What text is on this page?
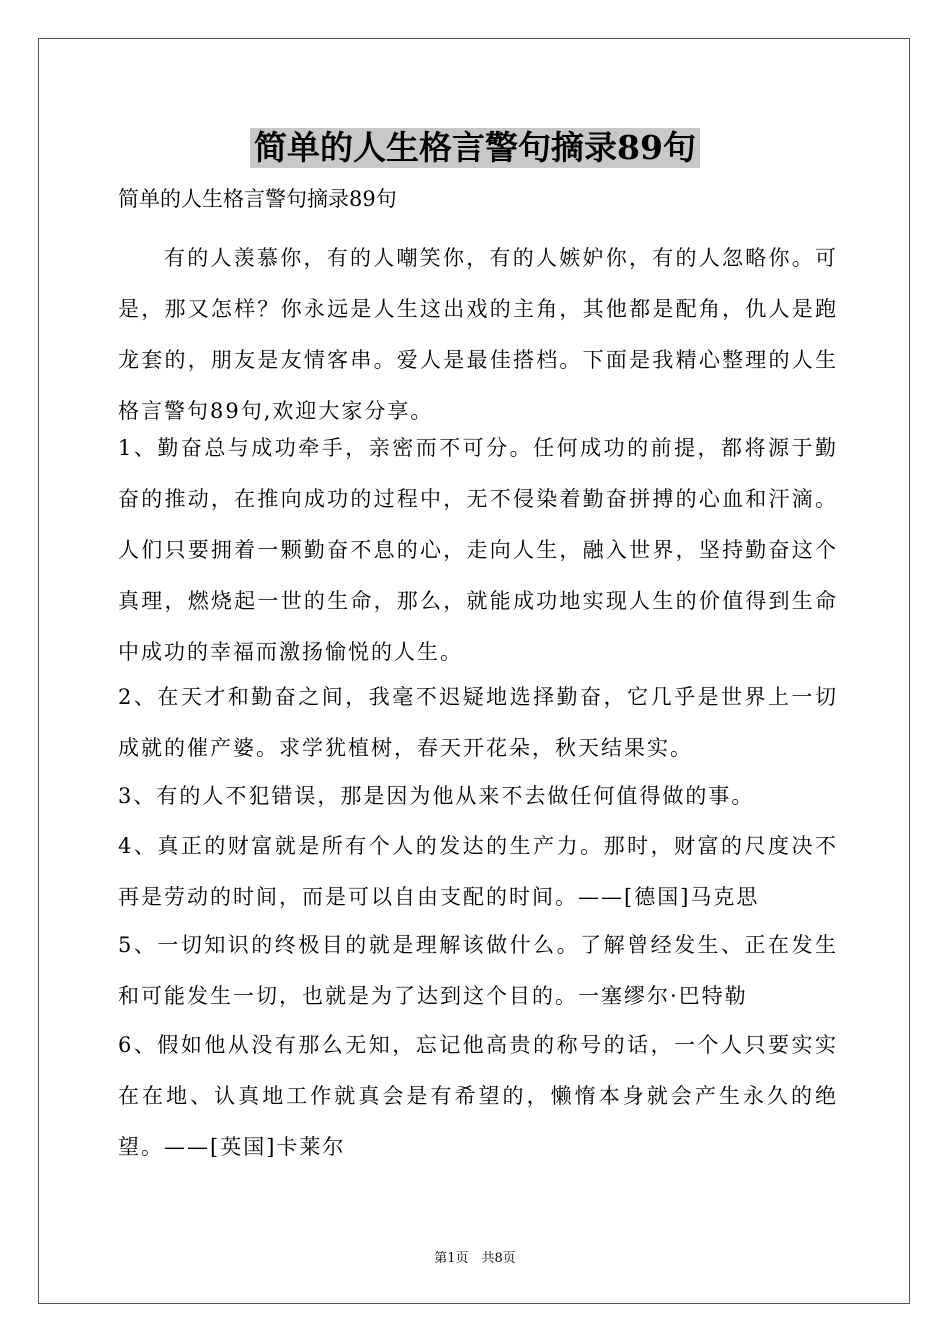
简单的人生格言警句摘录89句
简单的人生格言警句摘录89句

有的人羡慕你，有的人嘲笑你，有的人嫉妒你，有的人忽略你。可是，那又怎样？你永远是人生这出戏的主角，其他都是配角，仇人是跑龙套的，朋友是友情客串。爱人是最佳搭档。下面是我精心整理的人生格言警句89句,欢迎大家分享。

1、勤奋总与成功牵手，亲密而不可分。任何成功的前提，都将源于勤奋的推动，在推向成功的过程中，无不侵染着勤奋拼搏的心血和汗滴。人们只要拥着一颗勤奋不息的心，走向人生，融入世界，坚持勤奋这个真理，燃烧起一世的生命，那么，就能成功地实现人生的价值得到生命中成功的幸福而激扬愉悦的人生。

2、在天才和勤奋之间，我毫不迟疑地选择勤奋，它几乎是世界上一切成就的催产婆。求学犹植树，春天开花朵，秋天结果实。

3、有的人不犯错误，那是因为他从来不去做任何值得做的事。

4、真正的财富就是所有个人的发达的生产力。那时，财富的尺度决不再是劳动的时间，而是可以自由支配的时间。——[德国]马克思

5、一切知识的终极目的就是理解该做什么。了解曾经发生、正在发生和可能发生一切，也就是为了达到这个目的。一塞缪尔·巴特勒

6、假如他从没有那么无知，忘记他高贵的称号的话，一个人只要实实在在地、认真地工作就真会是有希望的，懒惰本身就会产生永久的绝望。——[英国]卡莱尔

第1页　共8页
